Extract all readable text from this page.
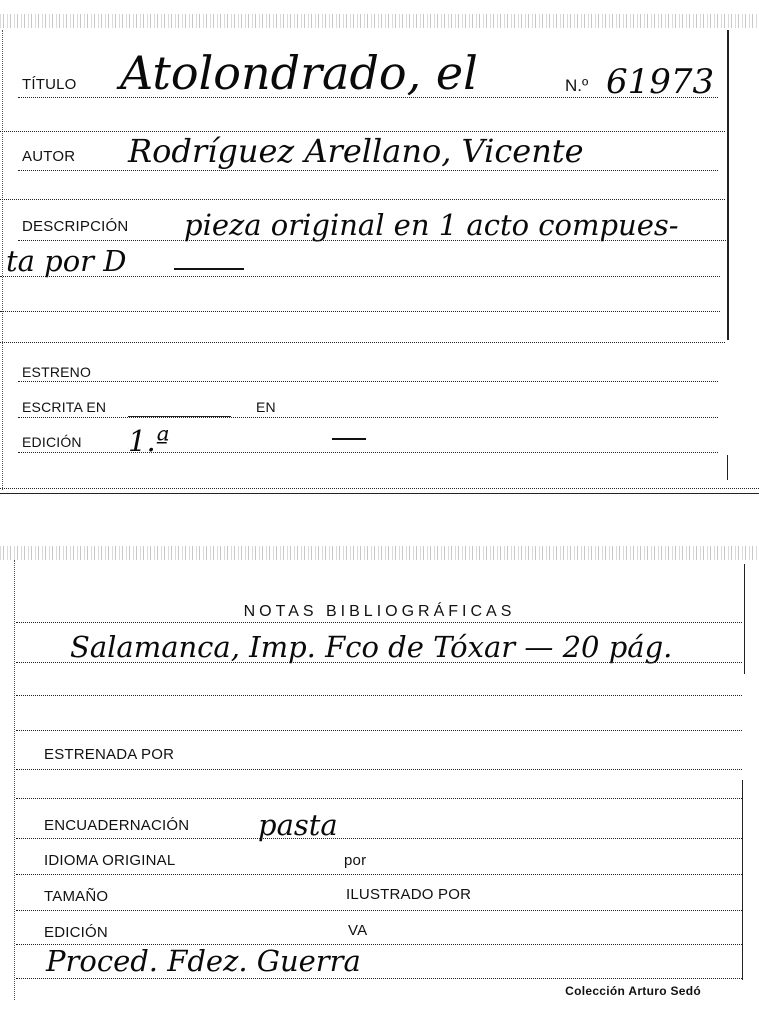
TÍTULO Atolondrado, el	N.º 61973
AUTOR Rodríguez Arellano, Vicente
DESCRIPCIÓN pieza original en 1 acto compues-
ta por D
ESTRENO
ESCRITA EN	EN
EDICIÓN 1.ª
NOTAS BIBLIOGRÁFICAS
Salamanca, Imp. Fco de Tóxar — 20 pág.
ESTRENADA POR
ENCUADERNACIÓN pasta
IDIOMA ORIGINAL	por
TAMAÑO	ILUSTRADO POR
EDICIÓN	VA
Proced. Fdez. Guerra
Colección Arturo Sedó
